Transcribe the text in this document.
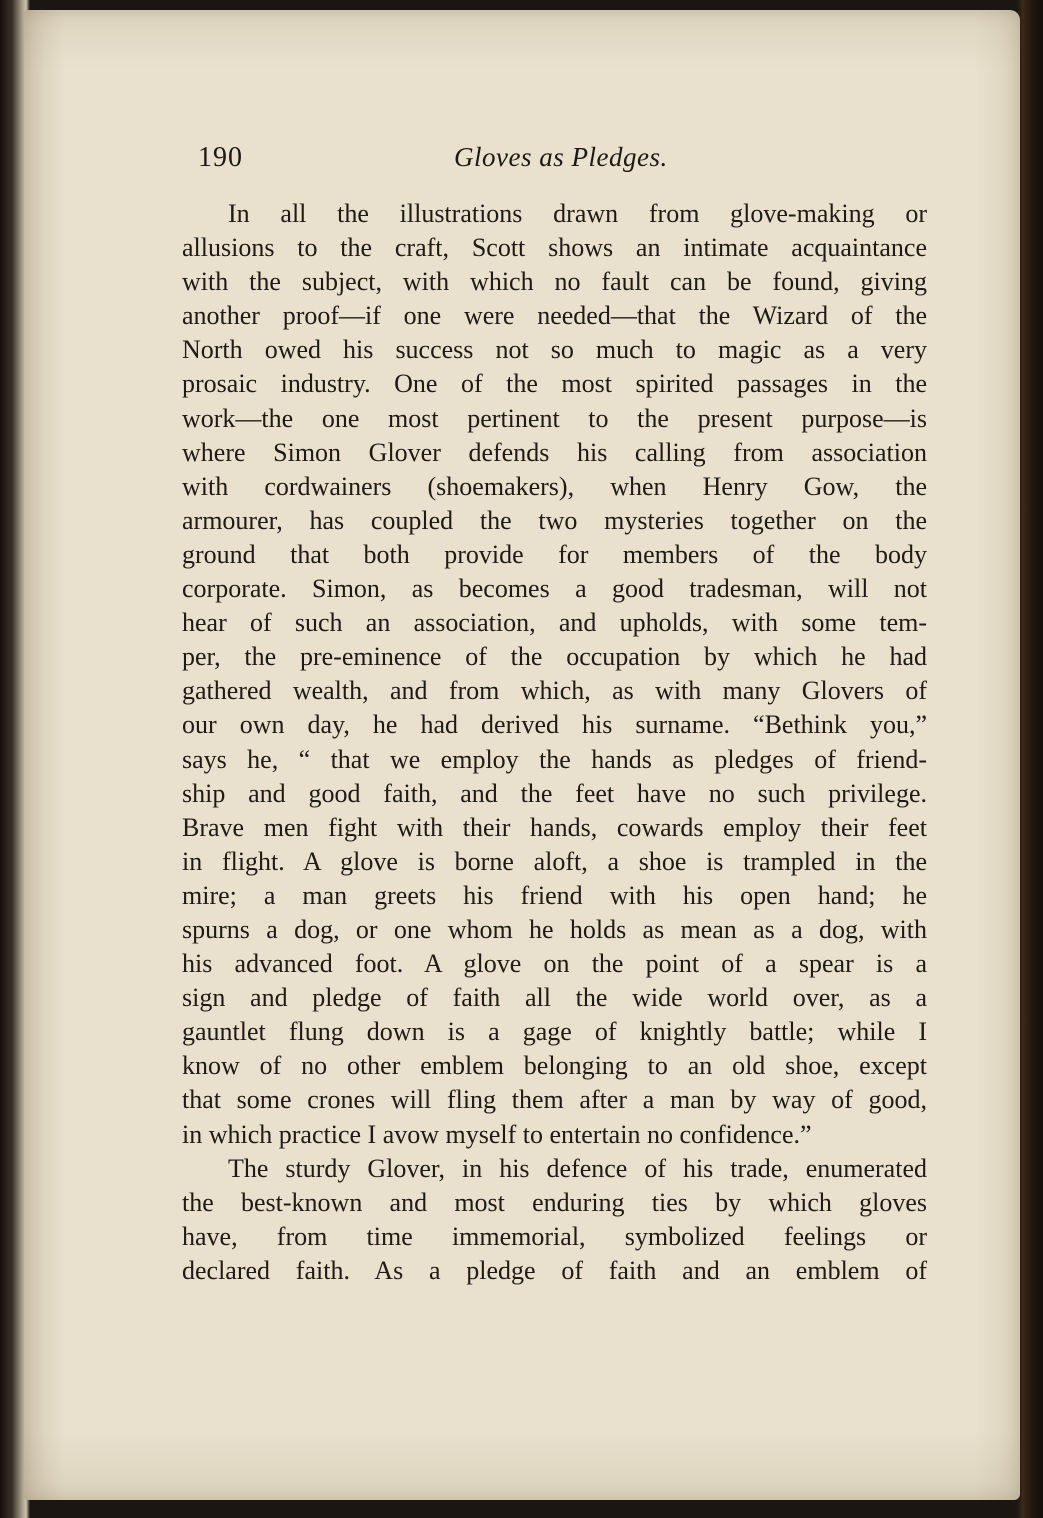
190	Gloves as Pledges.
In all the illustrations drawn from glove-making or
allusions to the craft, Scott shows an intimate acquaintance
with the subject, with which no fault can be found, giving
another proof—if one were needed—that the Wizard of the
North owed his success not so much to magic as a very
prosaic industry. One of the most spirited passages in the
work—the one most pertinent to the present purpose—is
where Simon Glover defends his calling from association
with cordwainers (shoemakers), when Henry Gow, the
armourer, has coupled the two mysteries together on the
ground that both provide for members of the body
corporate. Simon, as becomes a good tradesman, will not
hear of such an association, and upholds, with some tem-
per, the pre-eminence of the occupation by which he had
gathered wealth, and from which, as with many Glovers of
our own day, he had derived his surname. “Bethink you,”
says he, “ that we employ the hands as pledges of friend-
ship and good faith, and the feet have no such privilege.
Brave men fight with their hands, cowards employ their feet
in flight. A glove is borne aloft, a shoe is trampled in the
mire; a man greets his friend with his open hand; he
spurns a dog, or one whom he holds as mean as a dog, with
his advanced foot. A glove on the point of a spear is a
sign and pledge of faith all the wide world over, as a
gauntlet flung down is a gage of knightly battle; while I
know of no other emblem belonging to an old shoe, except
that some crones will fling them after a man by way of good,
in which practice I avow myself to entertain no confidence.”
The sturdy Glover, in his defence of his trade, enumerated
the best-known and most enduring ties by which gloves
have, from time immemorial, symbolized feelings or
declared faith. As a pledge of faith and an emblem of
